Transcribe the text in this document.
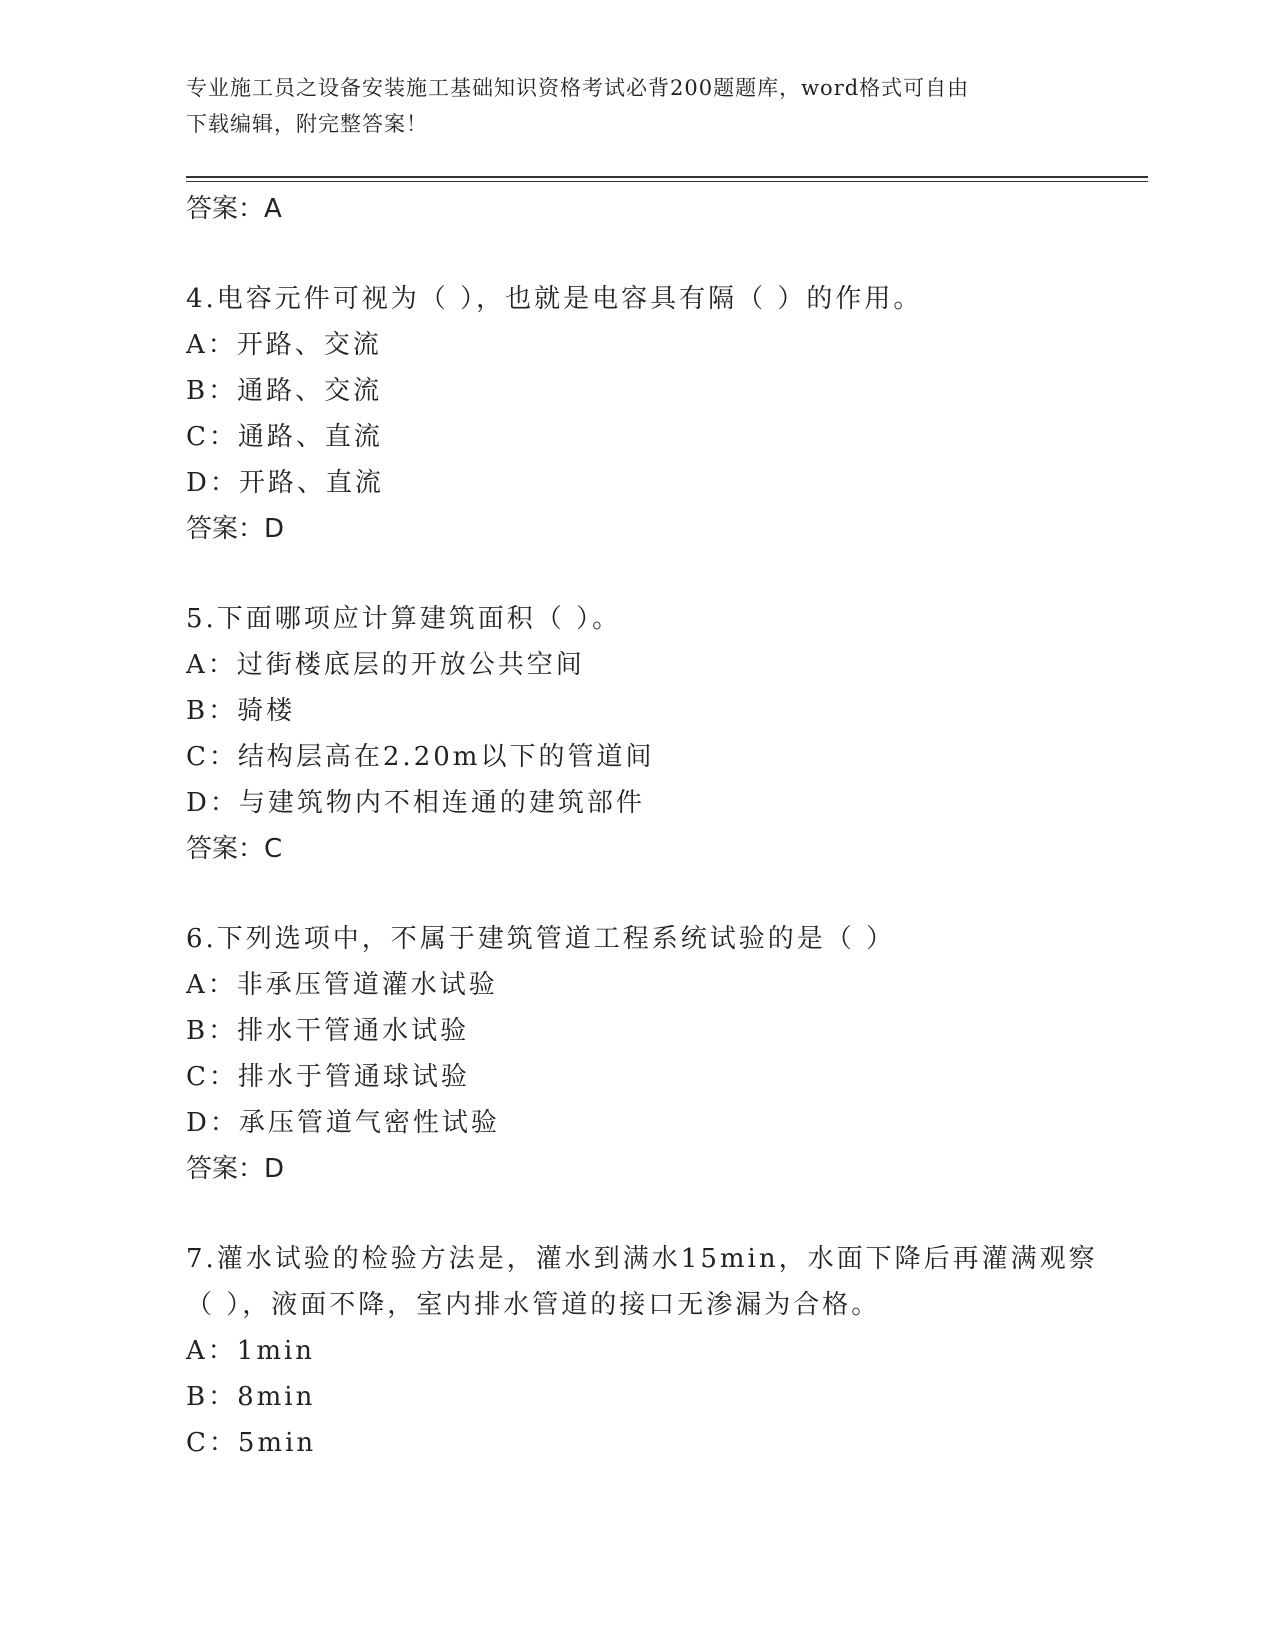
专业施工员之设备安装施工基础知识资格考试必背200题题库，word格式可自由
下载编辑，附完整答案！

答案：A

4.电容元件可视为（ ），也就是电容具有隔（ ）的作用。

A：开路、交流

B：通路、交流

C：通路、直流

D：开路、直流

答案：D

5.下面哪项应计算建筑面积（ ）。

A：过街楼底层的开放公共空间

B：骑楼

C：结构层高在2.20m以下的管道间

D：与建筑物内不相连通的建筑部件

答案：C

6.下列选项中，不属于建筑管道工程系统试验的是（ ）

A：非承压管道灌水试验

B：排水干管通水试验

C：排水于管通球试验

D：承压管道气密性试验

答案：D

7.灌水试验的检验方法是，灌水到满水15min，水面下降后再灌满观察（ ），液面不降，室内排水管道的接口无渗漏为合格。

A：1min

B：8min

C：5min
